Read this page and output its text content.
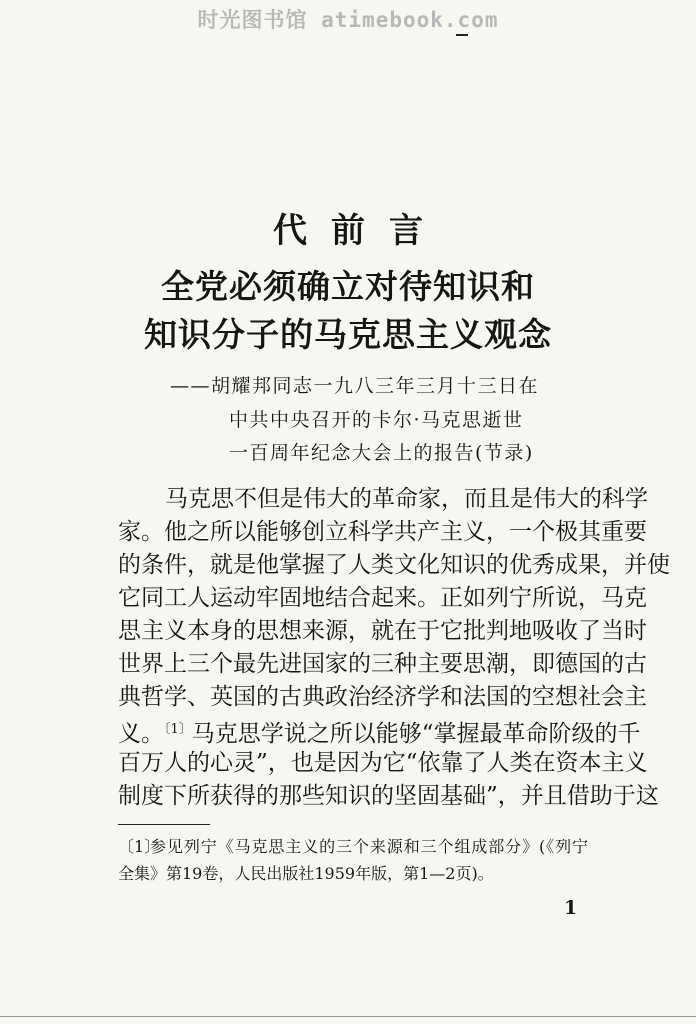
时光图书馆 atimebook.com
代前言
全党必须确立对待知识和
知识分子的马克思主义观念
——胡耀邦同志一九八三年三月十三日在
中共中央召开的卡尔·马克思逝世
一百周年纪念大会上的报告(节录)
马克思不但是伟大的革命家，而且是伟大的科学
家。他之所以能够创立科学共产主义，一个极其重要
的条件，就是他掌握了人类文化知识的优秀成果，并使
它同工人运动牢固地结合起来。正如列宁所说，马克
思主义本身的思想来源，就在于它批判地吸收了当时
世界上三个最先进国家的三种主要思潮，即德国的古
典哲学、英国的古典政治经济学和法国的空想社会主
义。$^{〔1〕}$马克思学说之所以能够“掌握最革命阶级的千
百万人的心灵”，也是因为它“依靠了人类在资本主义
制度下所获得的那些知识的坚固基础”，并且借助于这
〔1〕
参见列宁《马克思主义的三个来源和三个组成部分》(《列宁
全集》第19卷，人民出版社1959年版，第1—2页)。
1
